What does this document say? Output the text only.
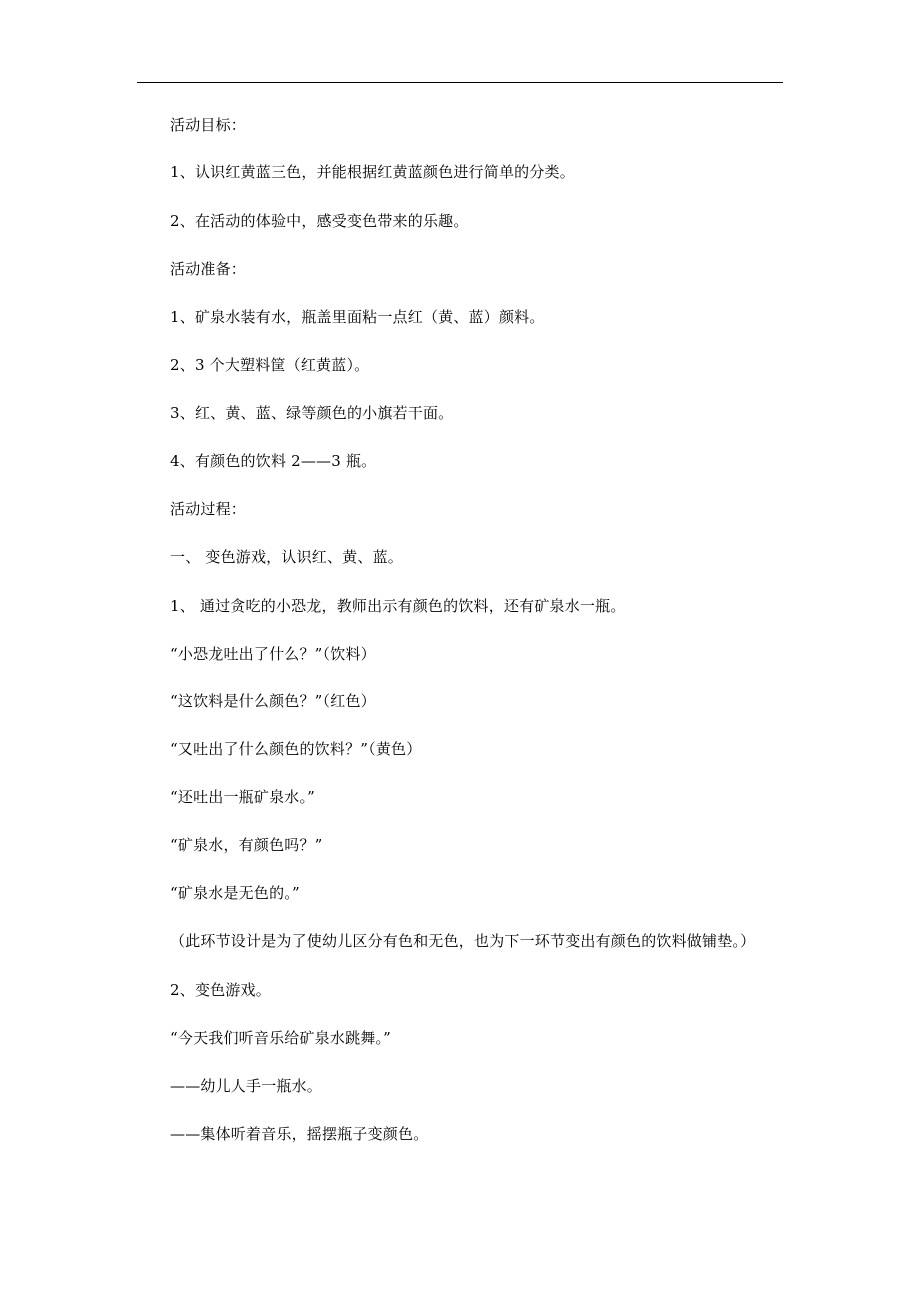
活动目标：
1、认识红黄蓝三色，并能根据红黄蓝颜色进行简单的分类。
2、在活动的体验中，感受变色带来的乐趣。
活动准备：
1、矿泉水装有水，瓶盖里面粘一点红（黄、蓝）颜料。
2、3 个大塑料筐（红黄蓝）。
3、红、黄、蓝、绿等颜色的小旗若干面。
4、有颜色的饮料 2——3 瓶。
活动过程：
一、 变色游戏，认识红、黄、蓝。
1、 通过贪吃的小恐龙，教师出示有颜色的饮料，还有矿泉水一瓶。
“小恐龙吐出了什么？”（饮料）
“这饮料是什么颜色？”（红色）
“又吐出了什么颜色的饮料？”（黄色）
“还吐出一瓶矿泉水。”
“矿泉水，有颜色吗？”
“矿泉水是无色的。”
（此环节设计是为了使幼儿区分有色和无色，也为下一环节变出有颜色的饮料做铺垫。）
2、变色游戏。
“今天我们听音乐给矿泉水跳舞。”
——幼儿人手一瓶水。
——集体听着音乐，摇摆瓶子变颜色。
